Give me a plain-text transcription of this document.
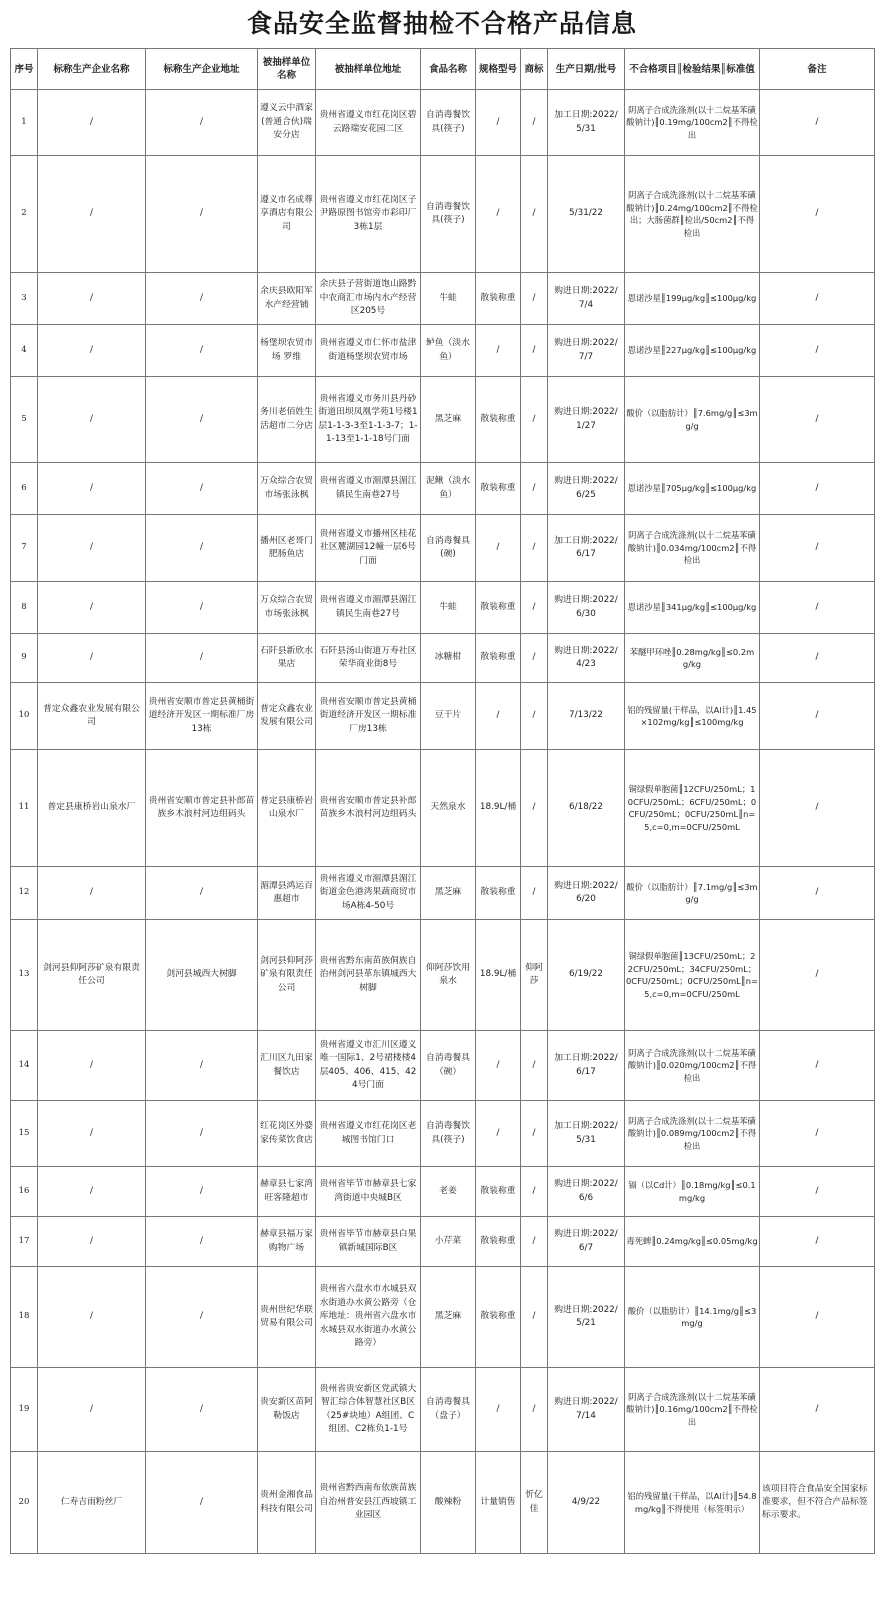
食品安全监督抽检不合格产品信息
序号	标称生产企业名称	标称生产企业地址	被抽样单位名称	被抽样单位地址	食品名称	规格型号	商标	生产日期/批号	不合格项目║检验结果║标准值	备注
1	/	/	遵义云中酒家(普通合伙)瑞安分店	贵州省遵义市红花岗区碧云路瑞安花园二区	自消毒餐饮具(筷子)	/	/	加工日期:2022/5/31	阴离子合成洗涤剂(以十二烷基苯磺酸钠计)║0.19mg/100cm2║不得检出	/
2	/	/	遵义市名成尊享酒店有限公司	贵州省遵义市红花岗区子尹路原图书馆旁市彩印厂3栋1层	自消毒餐饮具(筷子)	/	/	5/31/22	阴离子合成洗涤剂(以十二烷基苯磺酸钠计)║0.24mg/100cm2║不得检出；大肠菌群║检出/50cm2║不得检出	/
3	/	/	余庆县欧阳军水产经营铺	余庆县子营街道饱山路黔中农商汇市场内水产经营区205号	牛蛙	散装称重	/	购进日期:2022/7/4	恩诺沙星║199μg/kg║≤100μg/kg	/
4	/	/	杨堡坝农贸市场 罗维	贵州省遵义市仁怀市盐津街道杨堡坝农贸市场	鲈鱼（淡水鱼）	/	/	购进日期:2022/7/7	恩诺沙星║227μg/kg║≤100μg/kg	/
5	/	/	务川老佰姓生活超市二分店	贵州省遵义市务川县丹砂街道田坝凤凰学苑1号楼1层1-1-3-3至1-1-3-7；1-1-13至1-1-18号门面	黑芝麻	散装称重	/	购进日期:2022/1/27	酸价（以脂肪计）║7.6mg/g║≤3mg/g	/
6	/	/	万众综合农贸市场张泳枫	贵州省遵义市湄潭县湄江镇民生南巷27号	泥鳅（淡水鱼）	散装称重	/	购进日期:2022/6/25	恩诺沙星║705μg/kg║≤100μg/kg	/
7	/	/	播州区老哥门肥肠鱼店	贵州省遵义市播州区桂花社区麓湖园12幢一层6号门面	自消毒餐具(碗)	/	/	加工日期:2022/6/17	阴离子合成洗涤剂(以十二烷基苯磺酸钠计)║0.034mg/100cm2║不得检出	/
8	/	/	万众综合农贸市场张泳枫	贵州省遵义市湄潭县湄江镇民生南巷27号	牛蛙	散装称重	/	购进日期:2022/6/30	恩诺沙星║341μg/kg║≤100μg/kg	/
9	/	/	石阡县新欣水果店	石阡县汤山街道万寿社区荣华商业街8号	冰糖柑	散装称重	/	购进日期:2022/4/23	苯醚甲环唑║0.28mg/kg║≤0.2mg/kg	/
10	普定众鑫农业发展有限公司	贵州省安顺市普定县黄桶街道经济开发区一期标准厂房13栋	普定众鑫农业发展有限公司	贵州省安顺市普定县黄桶街道经济开发区一期标准厂房13栋	豆干片	/	/	7/13/22	铝的残留量(干样品，以Al计)║1.45×102mg/kg║≤100mg/kg	/
11	普定县康桥岩山泉水厂	贵州省安顺市普定县补郎苗族乡木浪村河边组码头	普定县康桥岩山泉水厂	贵州省安顺市普定县补郎苗族乡木浪村河边组码头	天然泉水	18.9L/桶	/	6/18/22	铜绿假单胞菌║12CFU/250mL；10CFU/250mL；6CFU/250mL；0CFU/250mL；0CFU/250mL║n=5,c=0,m=0CFU/250mL	/
12	/	/	湄潭县鸿运百惠超市	贵州省遵义市湄潭县湄江街道金色港湾果蔬商贸市场A栋4-50号	黑芝麻	散装称重	/	购进日期:2022/6/20	酸价（以脂肪计）║7.1mg/g║≤3mg/g	/
13	剑河县仰阿莎矿泉有限责任公司	剑河县城西大树脚	剑河县仰阿莎矿泉有限责任公司	贵州省黔东南苗族侗族自治州剑河县革东镇城西大树脚	仰阿莎饮用泉水	18.9L/桶	仰阿莎	6/19/22	铜绿假单胞菌║13CFU/250mL；22CFU/250mL；34CFU/250mL；0CFU/250mL；0CFU/250mL║n=5,c=0,m=0CFU/250mL	/
14	/	/	汇川区九田家餐饮店	贵州省遵义市汇川区遵义唯一国际1、2号裙楼楼4层405、406、415、424号门面	自消毒餐具（碗）	/	/	加工日期:2022/6/17	阴离子合成洗涤剂(以十二烷基苯磺酸钠计)║0.020mg/100cm2║不得检出	/
15	/	/	红花岗区外婆家传菜饮食店	贵州省遵义市红花岗区老城图书馆门口	自消毒餐饮具(筷子)	/	/	加工日期:2022/5/31	阴离子合成洗涤剂(以十二烷基苯磺酸钠计)║0.089mg/100cm2║不得检出	/
16	/	/	赫章县七家湾旺客隆超市	贵州省毕节市赫章县七家湾街道中央城B区	老姜	散装称重	/	购进日期:2022/6/6	镉（以Cd计）║0.18mg/kg║≤0.1mg/kg	/
17	/	/	赫章县福万家购物广场	贵州省毕节市赫章县白果镇新城国际B区	小芹菜	散装称重	/	购进日期:2022/6/7	毒死蜱║0.24mg/kg║≤0.05mg/kg	/
18	/	/	贵州世纪华联贸易有限公司	贵州省六盘水市水城县双水街道办水黄公路旁（仓库地址：贵州省六盘水市水城县双水街道办水黄公路旁）	黑芝麻	散装称重	/	购进日期:2022/5/21	酸价（以脂肪计）║14.1mg/g║≤3mg/g	/
19	/	/	贵安新区苗阿勒饭店	贵州省贵安新区党武镇大智汇综合体智慧社区B区（25#块地）A组团、C组团、C2栋负1-1号	自消毒餐具（盘子）	/	/	购进日期:2022/7/14	阴离子合成洗涤剂(以十二烷基苯磺酸钠计)║0.16mg/100cm2║不得检出	/
20	仁寿吉雨粉丝厂	/	贵州金湘食品科技有限公司	贵州省黔西南布依族苗族自治州普安县江西坡镇工业园区	酸辣粉	计量销售	忻亿佳	4/9/22	铝的残留量(干样品，以Al计)║54.8mg/kg║不得使用（标签明示）	该项目符合食品安全国家标准要求，但不符合产品标签标示要求。
